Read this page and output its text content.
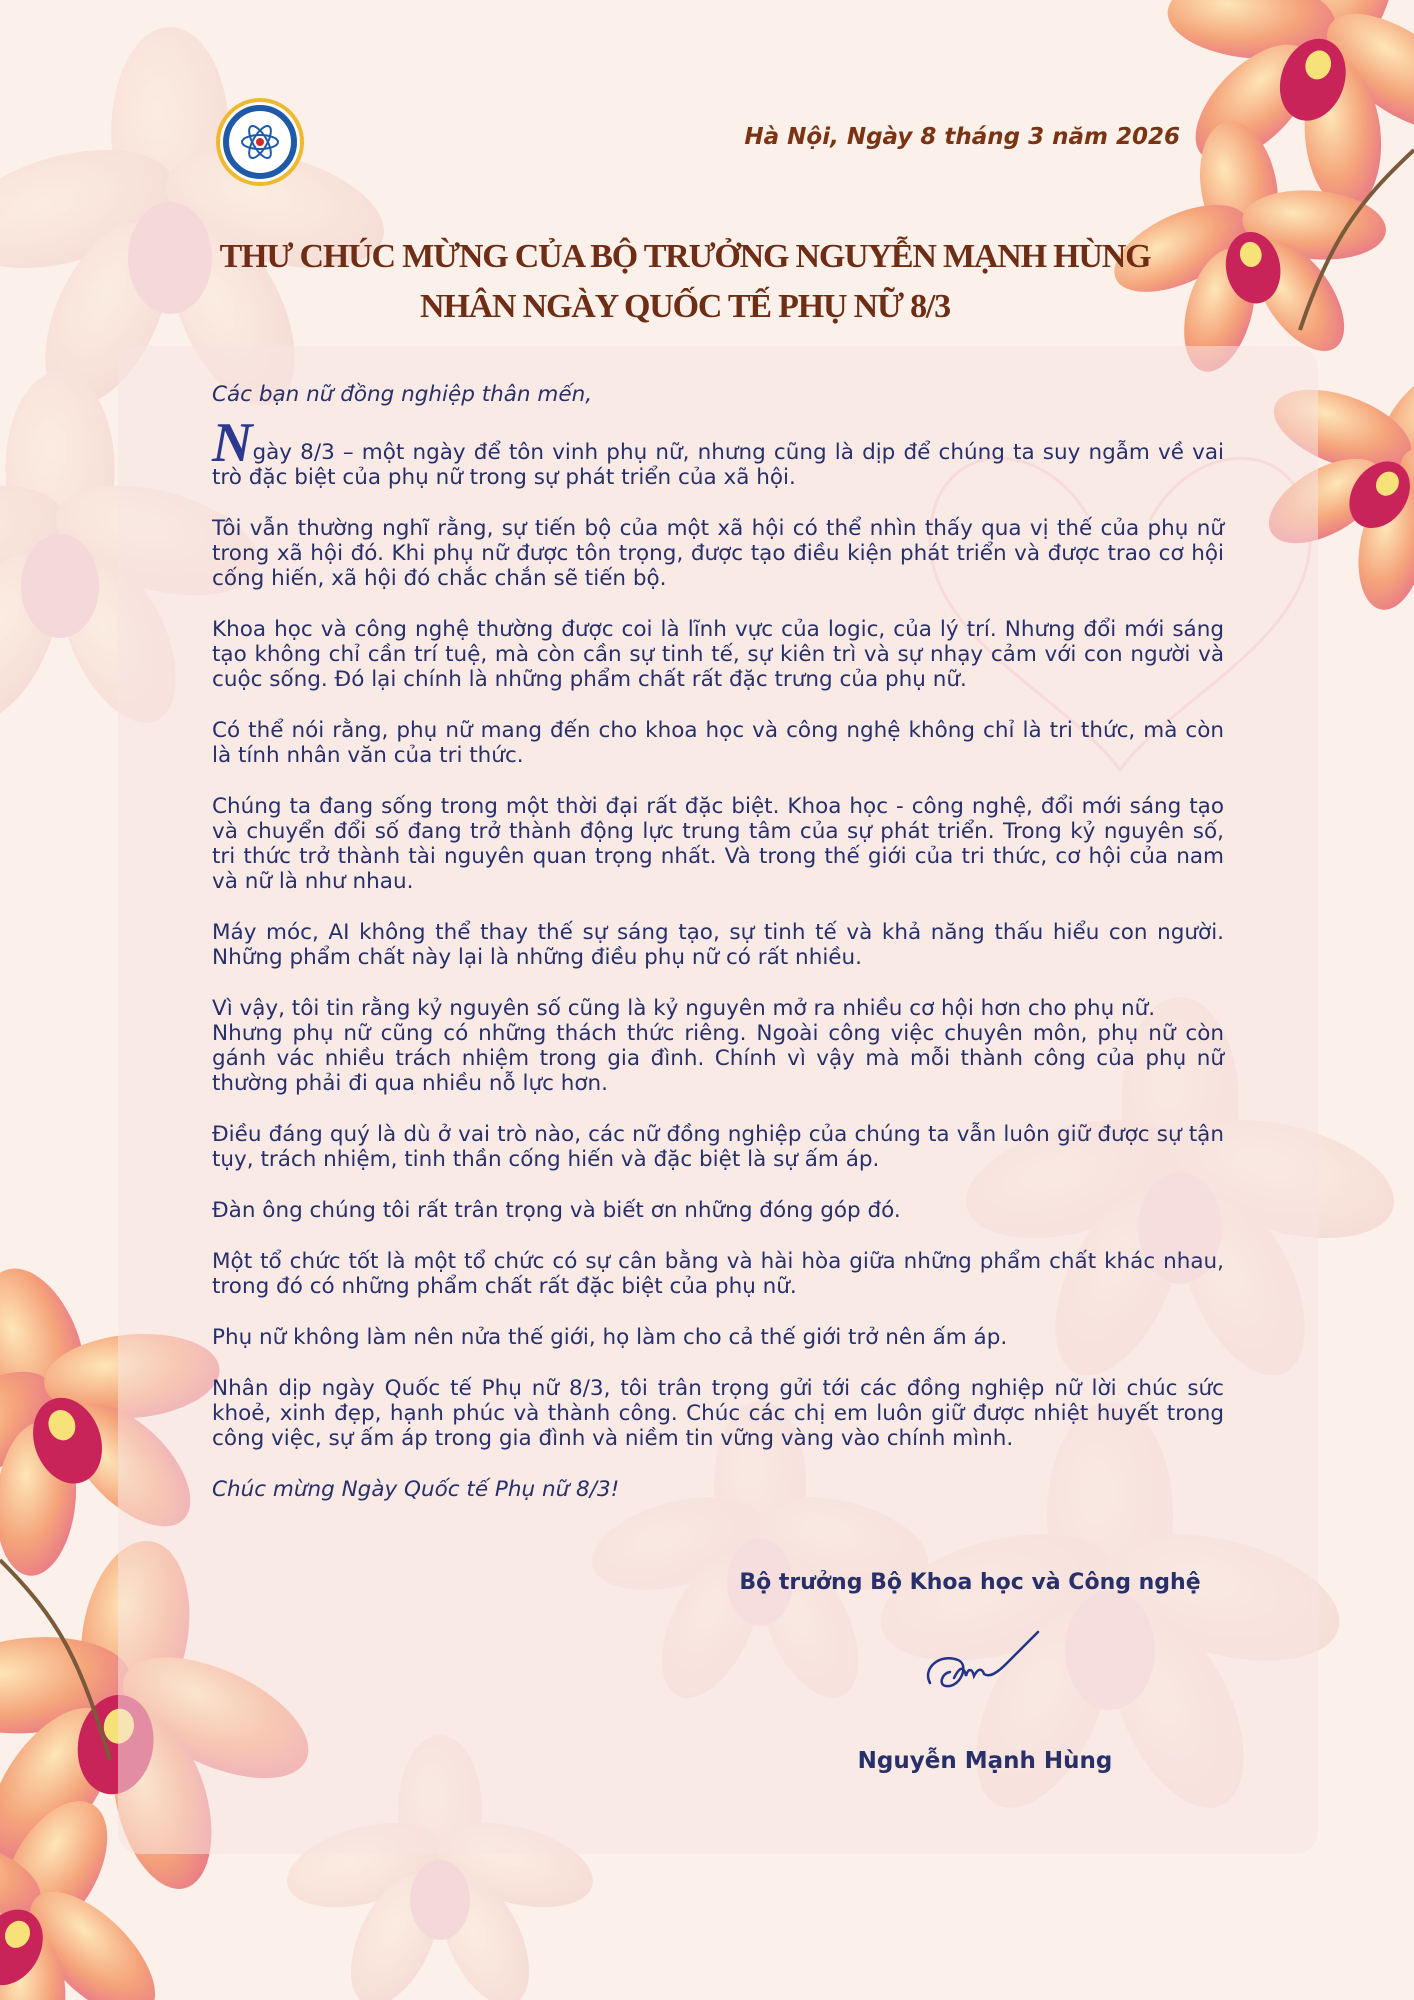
Hà Nội, Ngày 8 tháng 3 năm 2026
THƯ CHÚC MỪNG CỦA BỘ TRƯỞNG NGUYỄN MẠNH HÙNG
NHÂN NGÀY QUỐC TẾ PHỤ NỮ 8/3

Các bạn nữ đồng nghiệp thân mến,

Ngày 8/3 – một ngày để tôn vinh phụ nữ, nhưng cũng là dịp để chúng ta suy ngẫm về vai trò đặc biệt của phụ nữ trong sự phát triển của xã hội.

Tôi vẫn thường nghĩ rằng, sự tiến bộ của một xã hội có thể nhìn thấy qua vị thế của phụ nữ trong xã hội đó. Khi phụ nữ được tôn trọng, được tạo điều kiện phát triển và được trao cơ hội cống hiến, xã hội đó chắc chắn sẽ tiến bộ.

Khoa học và công nghệ thường được coi là lĩnh vực của logic, của lý trí. Nhưng đổi mới sáng tạo không chỉ cần trí tuệ, mà còn cần sự tinh tế, sự kiên trì và sự nhạy cảm với con người và cuộc sống. Đó lại chính là những phẩm chất rất đặc trưng của phụ nữ.

Có thể nói rằng, phụ nữ mang đến cho khoa học và công nghệ không chỉ là tri thức, mà còn là tính nhân văn của tri thức.

Chúng ta đang sống trong một thời đại rất đặc biệt. Khoa học - công nghệ, đổi mới sáng tạo và chuyển đổi số đang trở thành động lực trung tâm của sự phát triển. Trong kỷ nguyên số, tri thức trở thành tài nguyên quan trọng nhất. Và trong thế giới của tri thức, cơ hội của nam và nữ là như nhau.

Máy móc, AI không thể thay thế sự sáng tạo, sự tinh tế và khả năng thấu hiểu con người. Những phẩm chất này lại là những điều phụ nữ có rất nhiều.

Vì vậy, tôi tin rằng kỷ nguyên số cũng là kỷ nguyên mở ra nhiều cơ hội hơn cho phụ nữ.
Nhưng phụ nữ cũng có những thách thức riêng. Ngoài công việc chuyên môn, phụ nữ còn gánh vác nhiều trách nhiệm trong gia đình. Chính vì vậy mà mỗi thành công của phụ nữ thường phải đi qua nhiều nỗ lực hơn.

Điều đáng quý là dù ở vai trò nào, các nữ đồng nghiệp của chúng ta vẫn luôn giữ được sự tận tụy, trách nhiệm, tinh thần cống hiến và đặc biệt là sự ấm áp.

Đàn ông chúng tôi rất trân trọng và biết ơn những đóng góp đó.

Một tổ chức tốt là một tổ chức có sự cân bằng và hài hòa giữa những phẩm chất khác nhau, trong đó có những phẩm chất rất đặc biệt của phụ nữ.

Phụ nữ không làm nên nửa thế giới, họ làm cho cả thế giới trở nên ấm áp.

Nhân dịp ngày Quốc tế Phụ nữ 8/3, tôi trân trọng gửi tới các đồng nghiệp nữ lời chúc sức khoẻ, xinh đẹp, hạnh phúc và thành công. Chúc các chị em luôn giữ được nhiệt huyết trong công việc, sự ấm áp trong gia đình và niềm tin vững vàng vào chính mình.

Chúc mừng Ngày Quốc tế Phụ nữ 8/3!

Bộ trưởng Bộ Khoa học và Công nghệ
Nguyễn Mạnh Hùng
